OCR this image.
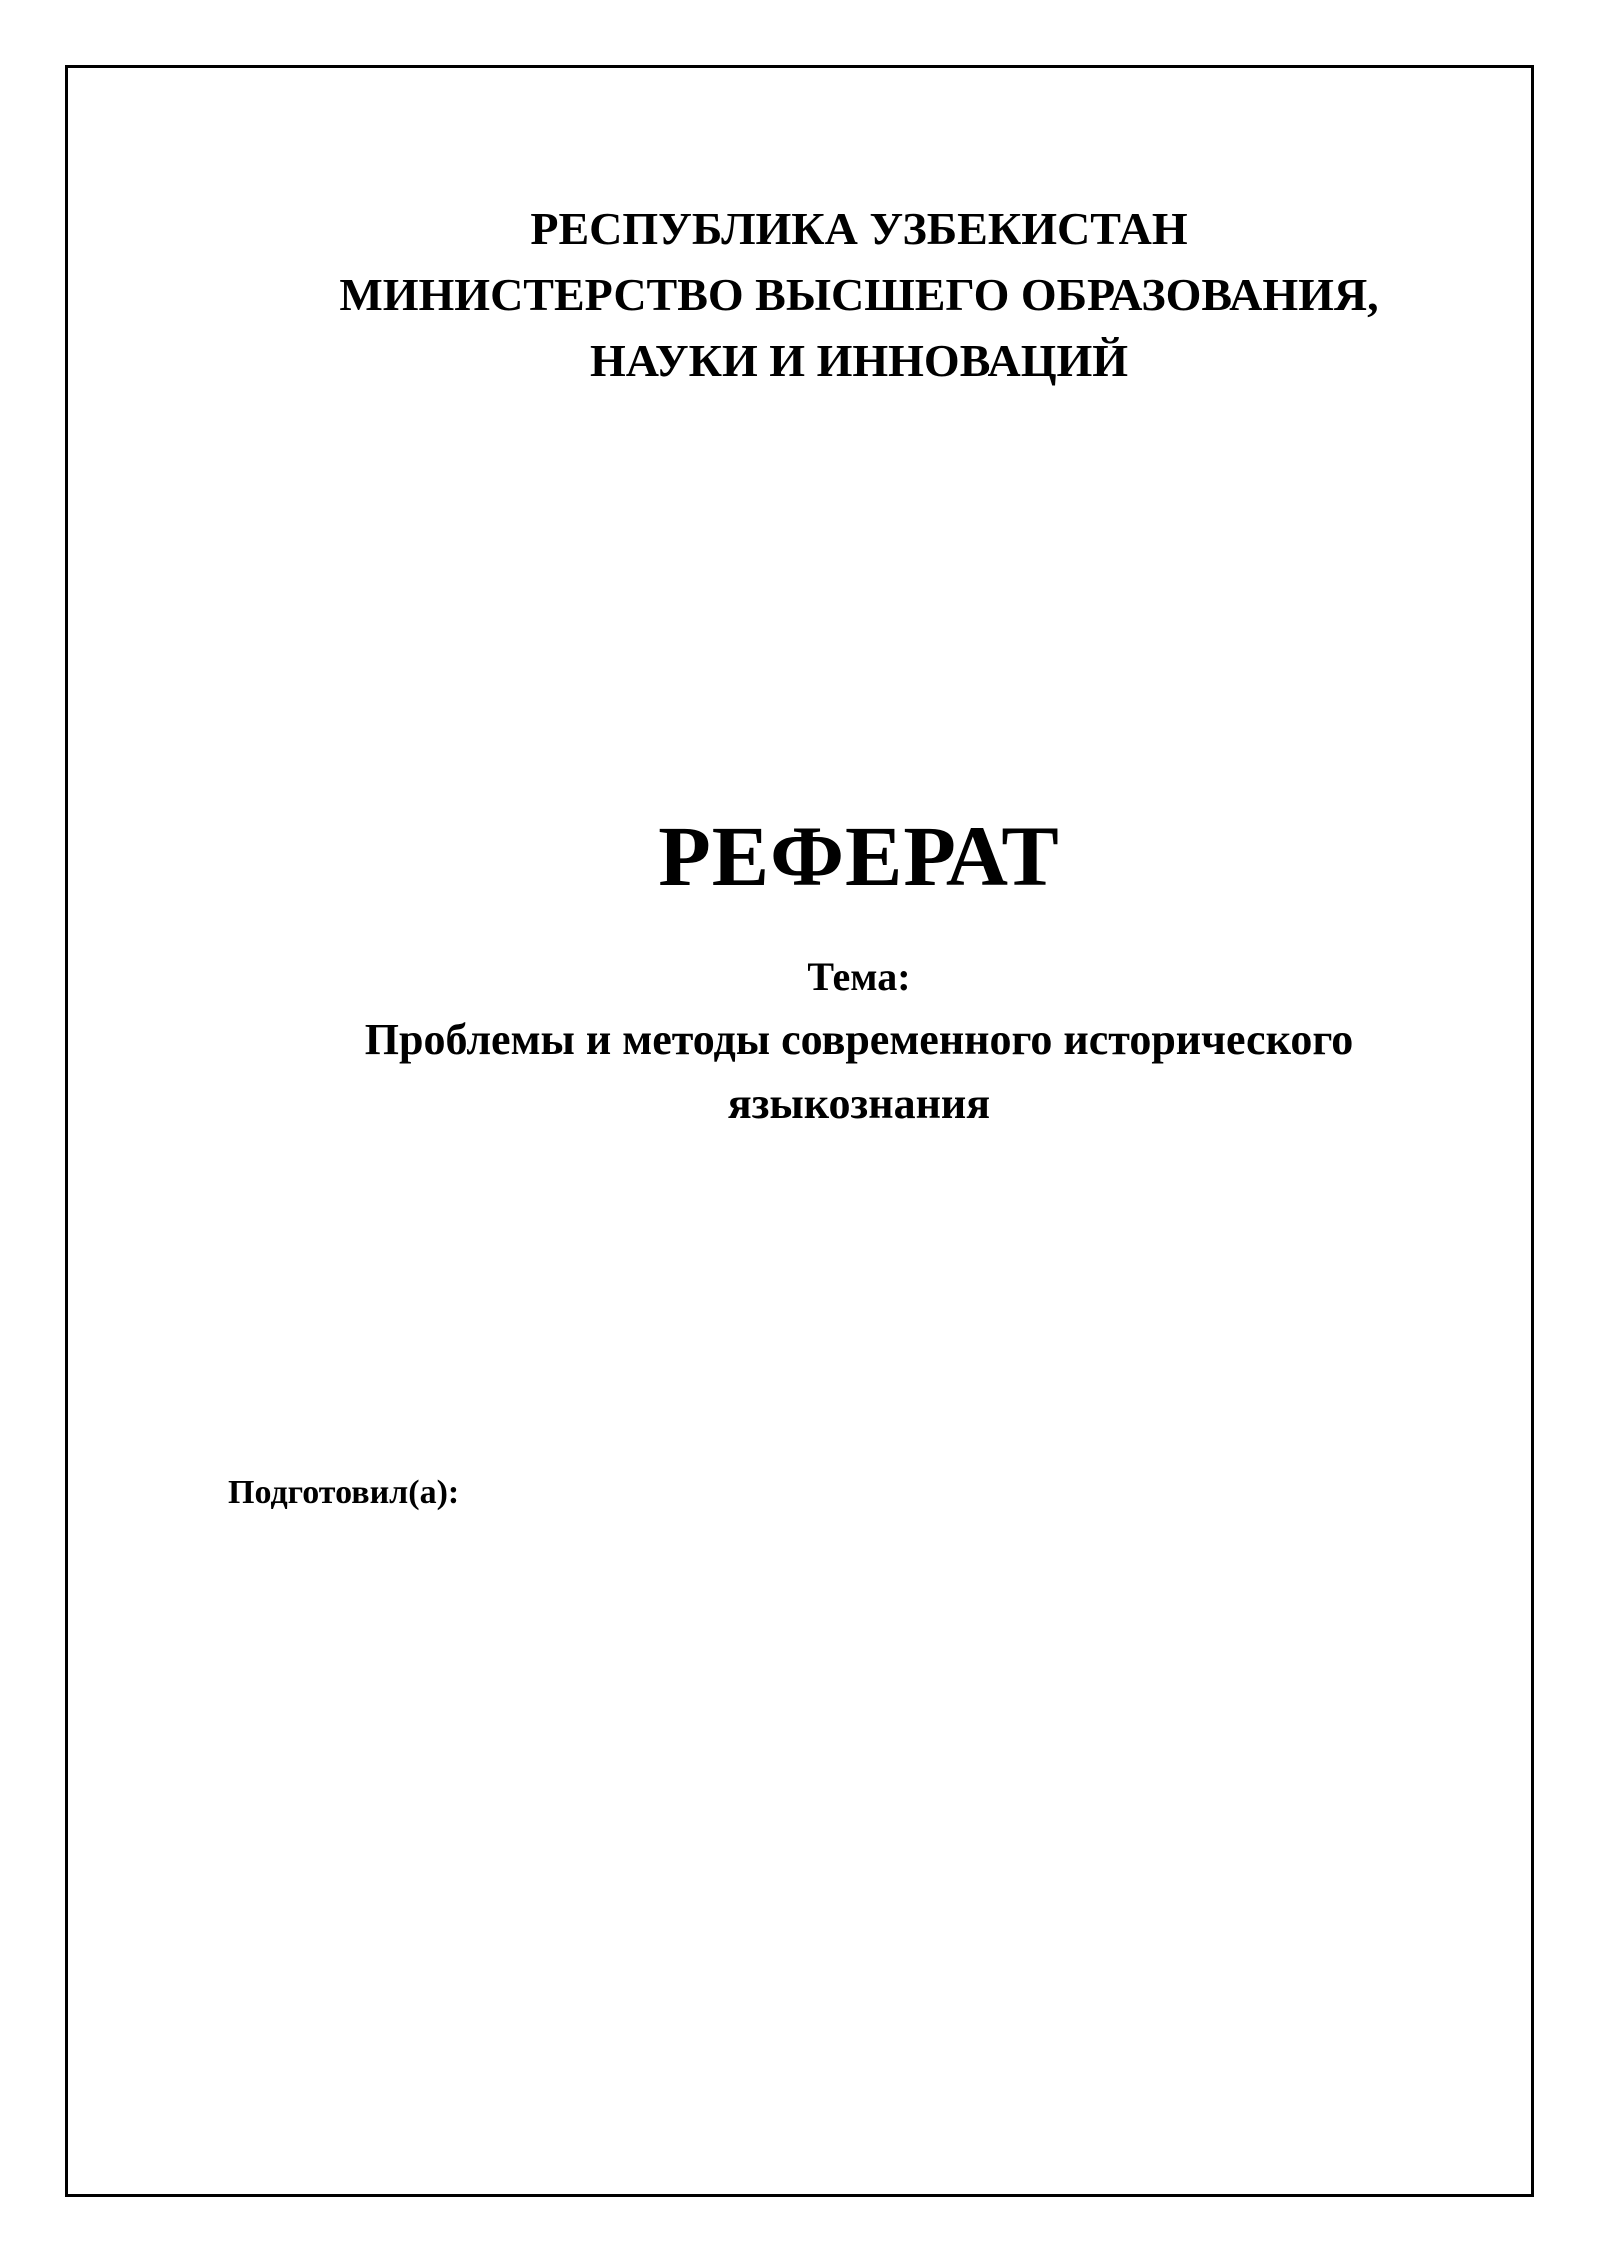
РЕСПУБЛИКА УЗБЕКИСТАН
МИНИСТЕРСТВО ВЫСШЕГО ОБРАЗОВАНИЯ,
НАУКИ И ИННОВАЦИЙ
РЕФЕРАТ
Тема:
Проблемы и методы современного исторического
языкознания
Подготовил(а):
